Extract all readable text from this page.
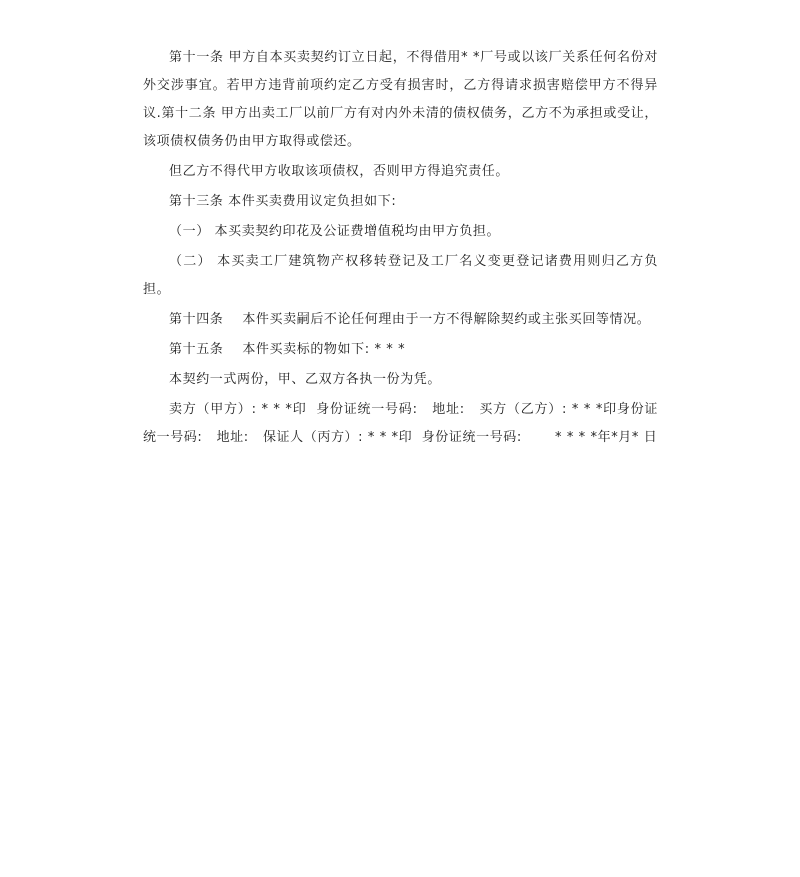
第十一条 甲方自本买卖契约订立日起，不得借用* *厂号或以该厂关系任何名份对外交涉事宜。若甲方违背前项约定乙方受有损害时，乙方得请求损害赔偿甲方不得异议.第十二条 甲方出卖工厂以前厂方有对内外未清的债权债务，乙方不为承担或受让，该项债权债务仍由甲方取得或偿还。

但乙方不得代甲方收取该项债权，否则甲方得追究责任。

第十三条 本件买卖费用议定负担如下:

（一） 本买卖契约印花及公证费增值税均由甲方负担。

（二） 本买卖工厂建筑物产权移转登记及工厂名义变更登记诸费用则归乙方负担。

第十四条    本件买卖嗣后不论任何理由于一方不得解除契约或主张买回等情况。

第十五条    本件买卖标的物如下: * * *

本契约一式两份，甲、乙双方各执一份为凭。

卖方（甲方）: * * *印  身份证统一号码:   地址:   买方（乙方）: * * *印身份证统一号码:   地址:   保证人（丙方）: * * *印  身份证统一号码:       * * * *年*月* 日
